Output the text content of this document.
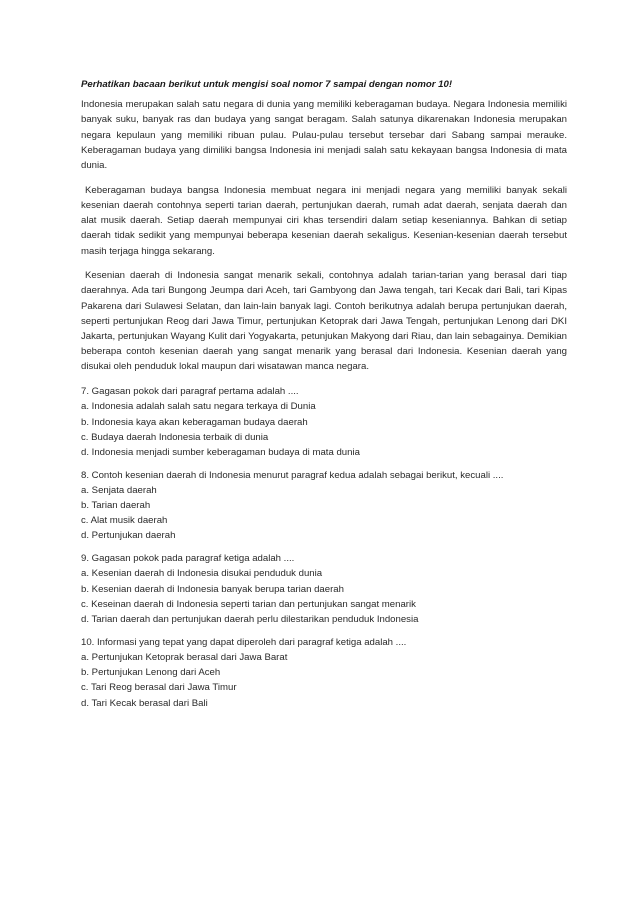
Perhatikan bacaan berikut untuk mengisi soal nomor 7 sampai dengan nomor 10!

Indonesia merupakan salah satu negara di dunia yang memiliki keberagaman budaya. Negara Indonesia memiliki banyak suku, banyak ras dan budaya yang sangat beragam. Salah satunya dikarenakan Indonesia merupakan negara kepulaun yang memiliki ribuan pulau. Pulau-pulau tersebut tersebar dari Sabang sampai merauke. Keberagaman budaya yang dimiliki bangsa Indonesia ini menjadi salah satu kekayaan bangsa Indonesia di mata dunia.

Keberagaman budaya bangsa Indonesia membuat negara ini menjadi negara yang memiliki banyak sekali kesenian daerah contohnya seperti tarian daerah, pertunjukan daerah, rumah adat daerah, senjata daerah dan alat musik daerah. Setiap daerah mempunyai ciri khas tersendiri dalam setiap keseniannya. Bahkan di setiap daerah tidak sedikit yang mempunyai beberapa kesenian daerah sekaligus. Kesenian-kesenian daerah tersebut masih terjaga hingga sekarang.

Kesenian daerah di Indonesia sangat menarik sekali, contohnya adalah tarian-tarian yang berasal dari tiap daerahnya. Ada tari Bungong Jeumpa dari Aceh, tari Gambyong dan Jawa tengah, tari Kecak dari Bali, tari Kipas Pakarena dari Sulawesi Selatan, dan lain-lain banyak lagi. Contoh berikutnya adalah berupa pertunjukan daerah, seperti pertunjukan Reog dari Jawa Timur, pertunjukan Ketoprak dari Jawa Tengah, pertunjukan Lenong dari DKI Jakarta, pertunjukan Wayang Kulit dari Yogyakarta, petunjukan Makyong dari Riau, dan lain sebagainya. Demikian beberapa contoh kesenian daerah yang sangat menarik yang berasal dari Indonesia. Kesenian daerah yang disukai oleh penduduk lokal maupun dari wisatawan manca negara.

7. Gagasan pokok dari paragraf pertama adalah ....
a. Indonesia adalah salah satu negara terkaya di Dunia
b. Indonesia kaya akan keberagaman budaya daerah
c. Budaya daerah Indonesia terbaik di dunia
d. Indonesia menjadi sumber keberagaman budaya di mata dunia
8. Contoh kesenian daerah di Indonesia menurut paragraf kedua adalah sebagai berikut, kecuali ....
a. Senjata daerah
b. Tarian daerah
c. Alat musik daerah
d. Pertunjukan daerah
9. Gagasan pokok pada paragraf ketiga adalah ....
a. Kesenian daerah di Indonesia disukai penduduk dunia
b. Kesenian daerah di Indonesia banyak berupa tarian daerah
c. Keseinan daerah di Indonesia seperti tarian dan pertunjukan sangat menarik
d. Tarian daerah dan pertunjukan daerah perlu dilestarikan penduduk Indonesia
10. Informasi yang tepat yang dapat diperoleh dari paragraf ketiga adalah ....
a. Pertunjukan Ketoprak berasal dari Jawa Barat
b. Pertunjukan Lenong dari Aceh
c. Tari Reog berasal dari Jawa Timur
d. Tari Kecak berasal dari Bali
